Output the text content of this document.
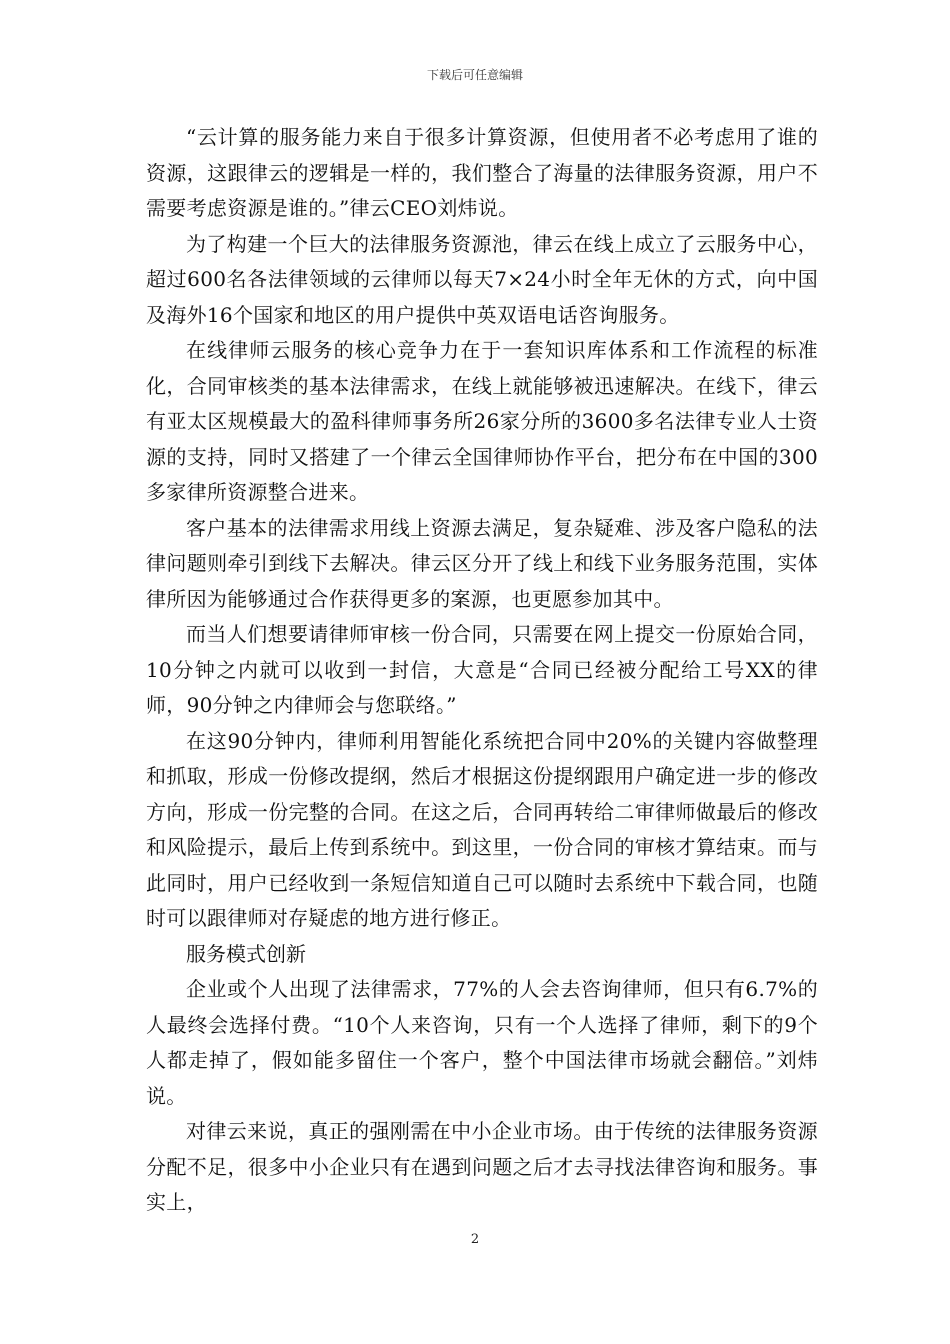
下载后可任意编辑

“云计算的服务能力来自于很多计算资源，但使用者不必考虑用了谁的资源，这跟律云的逻辑是一样的，我们整合了海量的法律服务资源，用户不需要考虑资源是谁的。”律云CEO刘炜说。

为了构建一个巨大的法律服务资源池，律云在线上成立了云服务中心，超过600名各法律领域的云律师以每天7×24小时全年无休的方式，向中国及海外16个国家和地区的用户提供中英双语电话咨询服务。

在线律师云服务的核心竞争力在于一套知识库体系和工作流程的标准化，合同审核类的基本法律需求，在线上就能够被迅速解决。在线下，律云有亚太区规模最大的盈科律师事务所26家分所的3600多名法律专业人士资源的支持，同时又搭建了一个律云全国律师协作平台，把分布在中国的300多家律所资源整合进来。

客户基本的法律需求用线上资源去满足，复杂疑难、涉及客户隐私的法律问题则牵引到线下去解决。律云区分开了线上和线下业务服务范围，实体律所因为能够通过合作获得更多的案源，也更愿参加其中。

而当人们想要请律师审核一份合同，只需要在网上提交一份原始合同，10分钟之内就可以收到一封信，大意是“合同已经被分配给工号XX的律师，90分钟之内律师会与您联络。”

在这90分钟内，律师利用智能化系统把合同中20%的关键内容做整理和抓取，形成一份修改提纲，然后才根据这份提纲跟用户确定进一步的修改方向，形成一份完整的合同。在这之后，合同再转给二审律师做最后的修改和风险提示，最后上传到系统中。到这里，一份合同的审核才算结束。而与此同时，用户已经收到一条短信知道自己可以随时去系统中下载合同，也随时可以跟律师对存疑虑的地方进行修正。

服务模式创新

企业或个人出现了法律需求，77%的人会去咨询律师，但只有6.7%的人最终会选择付费。“10个人来咨询，只有一个人选择了律师，剩下的9个人都走掉了，假如能多留住一个客户，整个中国法律市场就会翻倍。”刘炜说。

对律云来说，真正的强刚需在中小企业市场。由于传统的法律服务资源分配不足，很多中小企业只有在遇到问题之后才去寻找法律咨询和服务。事实上，

2
